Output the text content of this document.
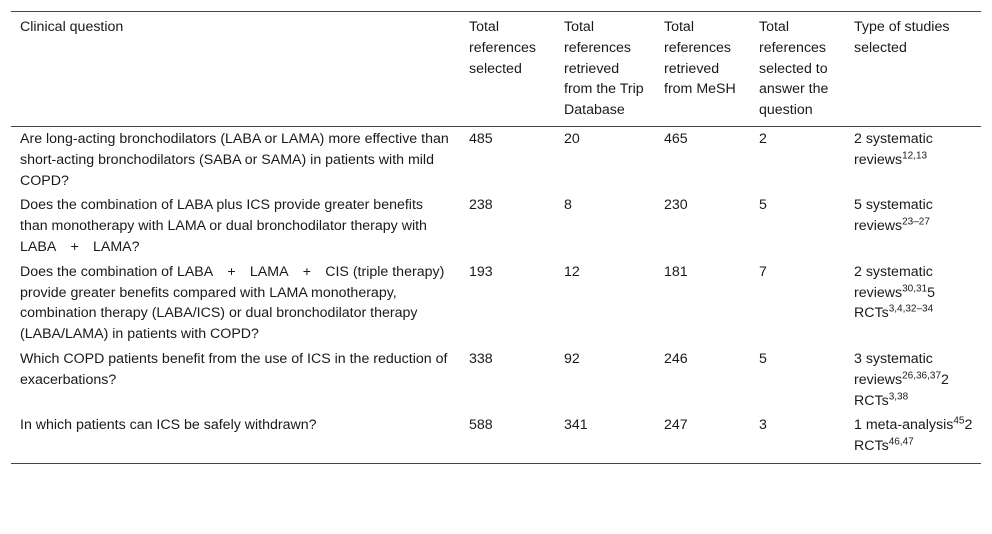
Clinical question	Total references selected	Total references retrieved from the Trip Database	Total references retrieved from MeSH	Total references selected to answer the question	Type of studies selected
Are long-acting bronchodilators (LABA or LAMA) more effective than short-acting bronchodilators (SABA or SAMA) in patients with mild COPD?	485	20	465	2	2 systematic reviews$^{12,13}$
Does the combination of LABA plus ICS provide greater benefits than monotherapy with LAMA or dual bronchodilator therapy with LABA     +     LAMA?	238	8	230	5	5 systematic reviews$^{23-27}$
Does the combination of LABA     +     LAMA     +     CIS (triple therapy) provide greater benefits compared with LAMA monotherapy, combination therapy (LABA/ICS) or dual bronchodilator therapy (LABA/LAMA) in patients with COPD?	193	12	181	7	2 systematic reviews$^{30,31}$5 RCTs$^{3,4,32-34}$
Which COPD patients benefit from the use of ICS in the reduction of exacerbations?	338	92	246	5	3 systematic reviews$^{26,36,37}$2 RCTs$^{3,38}$
In which patients can ICS be safely withdrawn?	588	341	247	3	1 meta-analysis$^{45}$2 RCTs$^{46,47}$
